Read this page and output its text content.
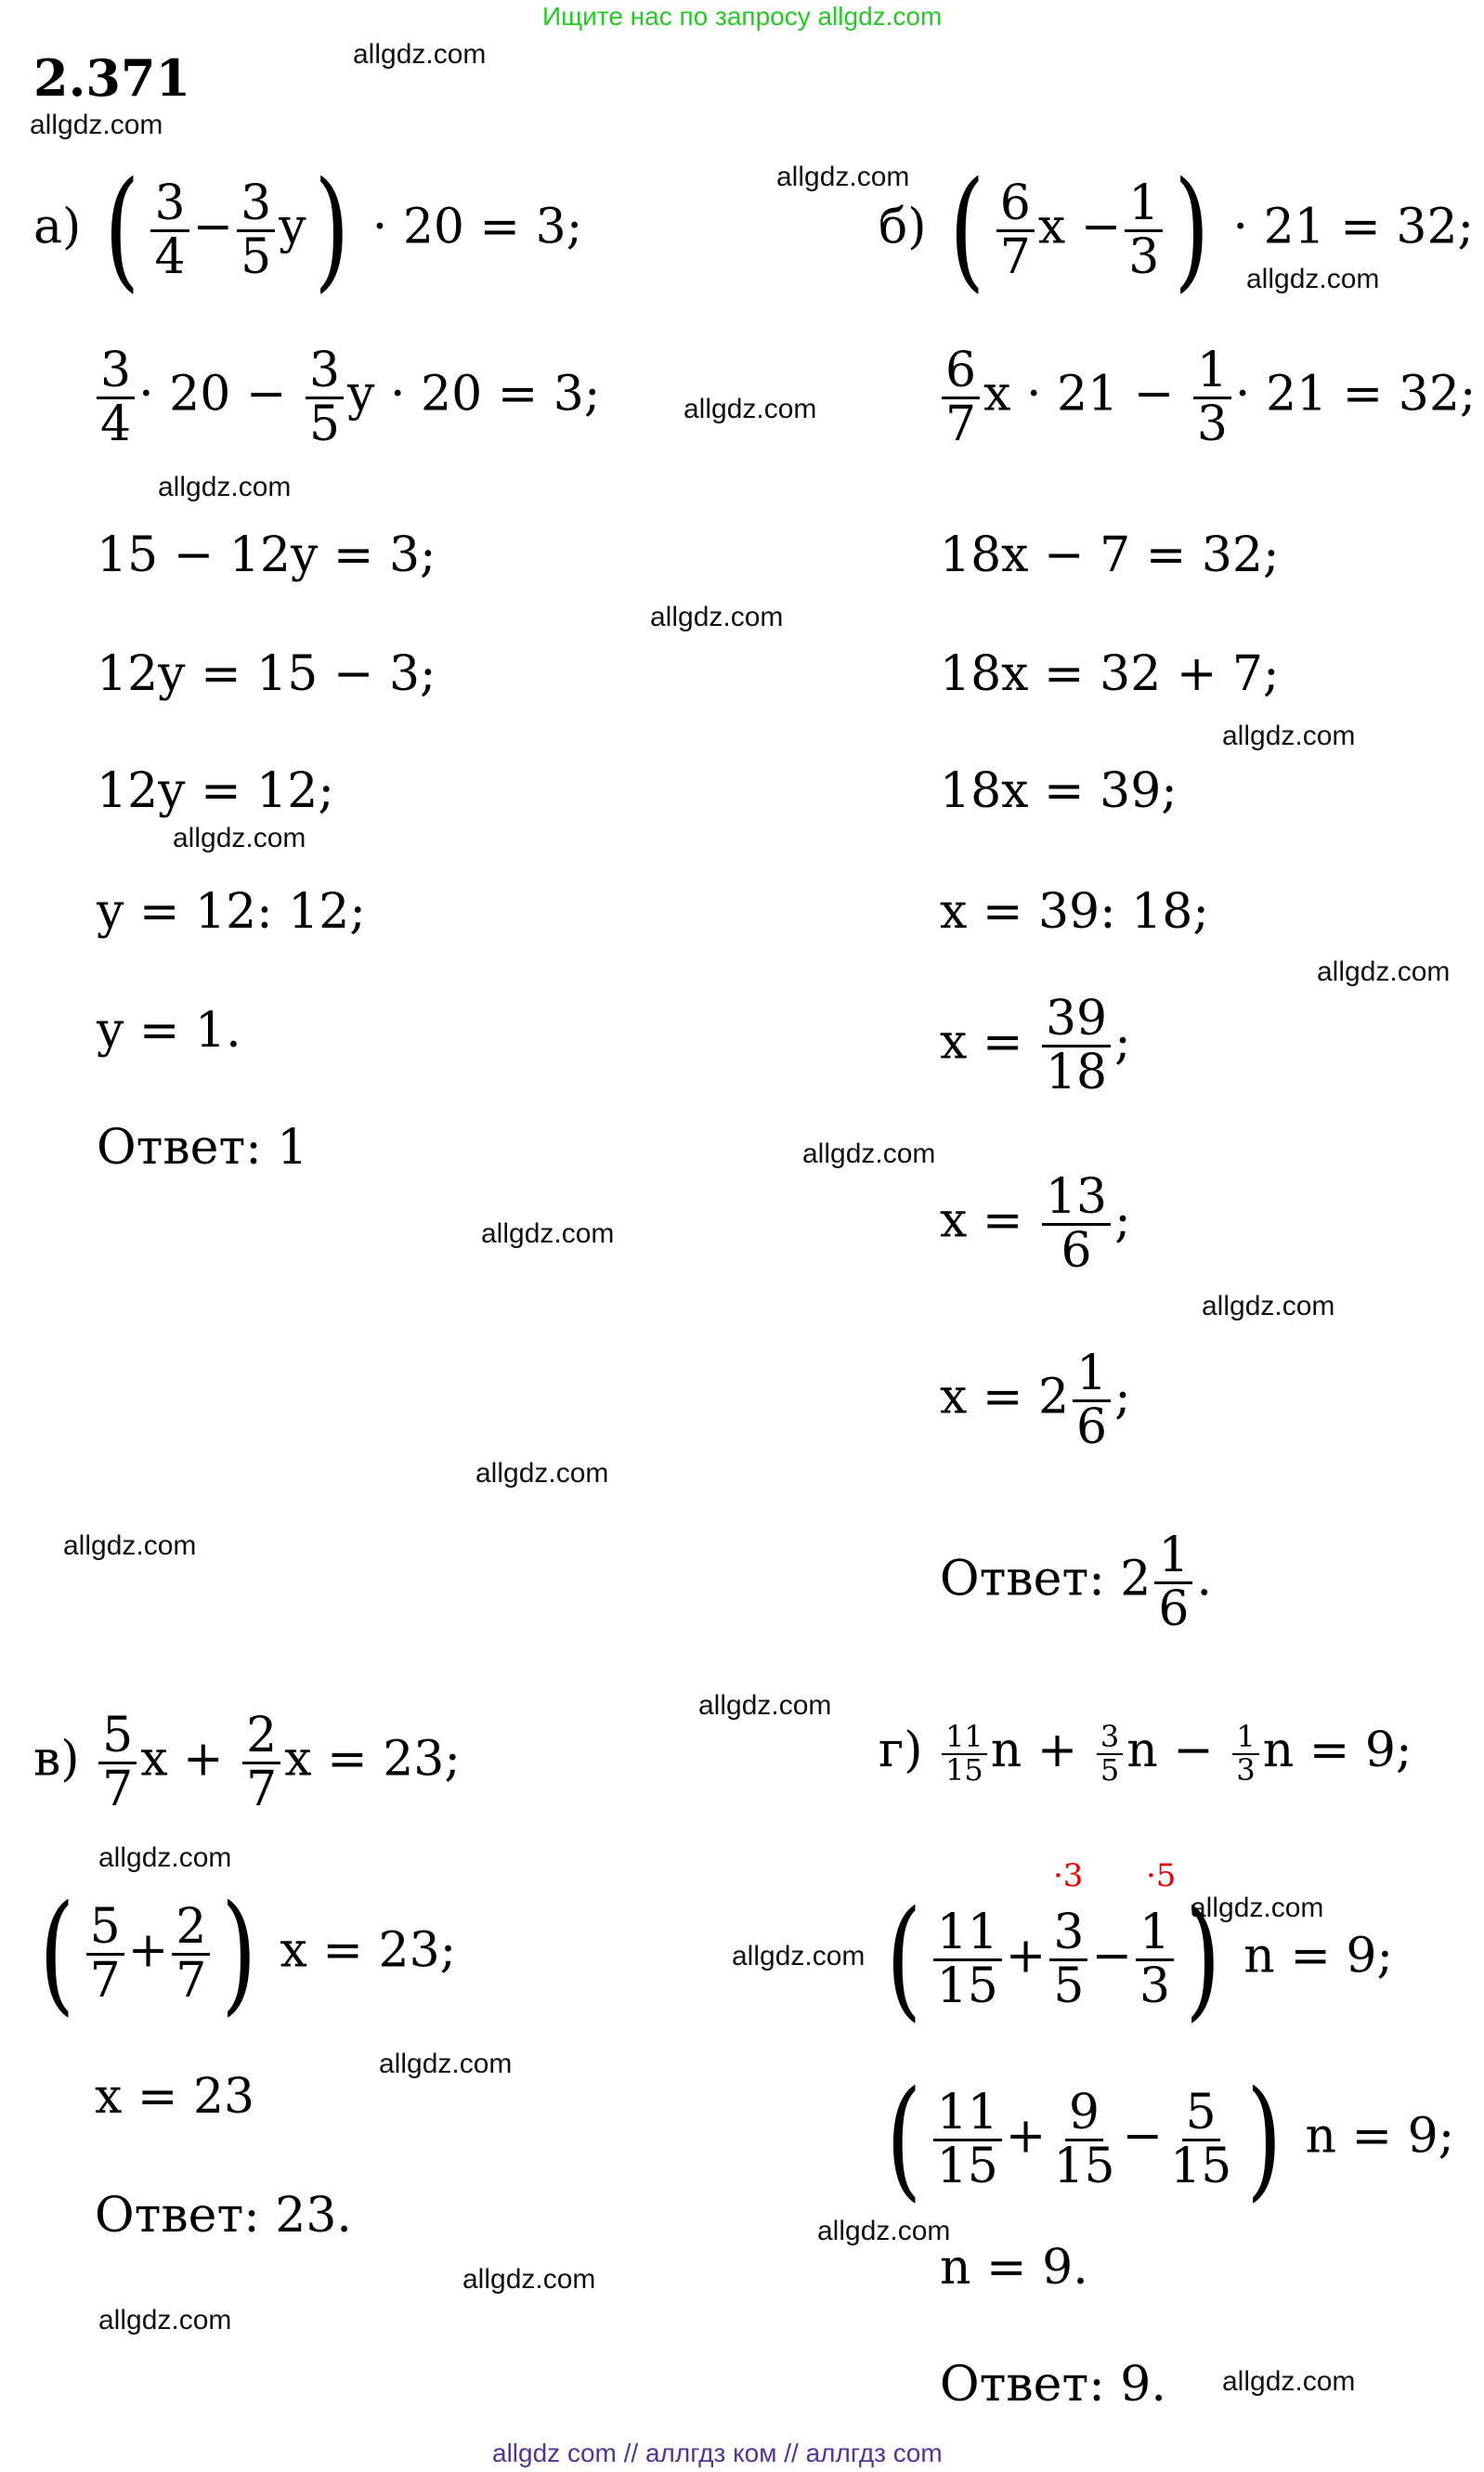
Ищите нас по запросу allgdz.com
2.371	allgdz.com
allgdz.com
allgdz.com
allgdz.com
allgdz.com
allgdz.com
allgdz.com
allgdz.com
allgdz.com
allgdz.com
allgdz.com
allgdz.com
allgdz.com
allgdz.com
allgdz.com
allgdz.com
allgdz.com
allgdz.com
allgdz.com
allgdz.com
allgdz.com
allgdz.com
allgdz.com
allgdz.com
а) ( $\frac{3}{4} - \frac{3}{5} y) \cdot 20 = 3$;
$\frac{3}{4} \cdot 20 - \frac{3}{5}$ y · 20 = 3;
15 − 12y = 3;
12y = 15 − 3;
12y = 12;
y = 12: 12;
y = 1.
Ответ: 1
б) ( $\frac{6}{7}$ $x - \frac{1}{3}$ ) · 21 = 32;
$\frac{6}{7}$ $x \cdot 21 - \frac{1}{3} \cdot 21 = 32$;
18x − 7 = 32;
18x = 32 + 7;
18x = 39;
x = 39: 18;
$x = \frac{39}{18}$ ;
$x = \frac{13}{6}$ ;
$x = 2 \frac{1}{6}$ ;
Ответ: $2 \frac{1}{6}$ .
$в) \frac{5}{7}$ $x + \frac{2}{7}$ x = 23;
( $\frac{5}{7} + \frac{2}{7}$ ) x = 23;
x = 23
Ответ: 23.
$г) \frac{11}{15}$ $n + \frac{3}{5}$ $n - \frac{1}{3}$ n = 9;
·3 ·5
( $\frac{11}{15} + \frac{3}{5} - \frac{1}{3}$ ) n = 9;
( $\frac{11}{15} + \frac{9}{15} - \frac{5}{15}$ ) n = 9;
n = 9.
Ответ: 9.
allgdz com // аллгдз ком // аллгдз com
